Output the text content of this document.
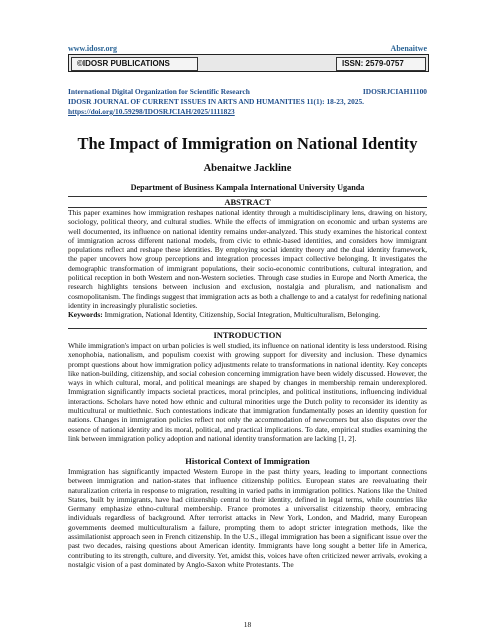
www.idosr.org	Abenaitwe
©IDOSR PUBLICATIONS	ISSN: 2579-0757
International Digital Organization for Scientific Research	IDOSRJCIAH11100
IDOSR JOURNAL OF CURRENT ISSUES IN ARTS AND HUMANITIES 11(1): 18-23, 2025.
https://doi.org/10.59298/IDOSRJCIAH/2025/1111823
The Impact of Immigration on National Identity
Abenaitwe Jackline
Department of Business Kampala International University Uganda
ABSTRACT

This paper examines how immigration reshapes national identity through a multidisciplinary lens, drawing on history, sociology, political theory, and cultural studies. While the effects of immigration on economic and urban systems are well documented, its influence on national identity remains under-analyzed. This study examines the historical context of immigration across different national models, from civic to ethnic-based identities, and considers how immigrant populations reflect and reshape these identities. By employing social identity theory and the dual identity framework, the paper uncovers how group perceptions and integration processes impact collective belonging. It investigates the demographic transformation of immigrant populations, their socio-economic contributions, cultural integration, and political reception in both Western and non-Western societies. Through case studies in Europe and North America, the research highlights tensions between inclusion and exclusion, nostalgia and pluralism, and nationalism and cosmopolitanism. The findings suggest that immigration acts as both a challenge to and a catalyst for redefining national identity in increasingly pluralistic societies.

Keywords: Immigration, National Identity, Citizenship, Social Integration, Multiculturalism, Belonging.

INTRODUCTION

While immigration's impact on urban policies is well studied, its influence on national identity is less understood. Rising xenophobia, nationalism, and populism coexist with growing support for diversity and inclusion. These dynamics prompt questions about how immigration policy adjustments relate to transformations in national identity. Key concepts like nation-building, citizenship, and social cohesion concerning immigration have been widely discussed. However, the ways in which cultural, moral, and political meanings are shaped by changes in membership remain underexplored. Immigration significantly impacts societal practices, moral principles, and political institutions, influencing individual interactions. Scholars have noted how ethnic and cultural minorities urge the Dutch polity to reconsider its identity as multicultural or multiethnic. Such contestations indicate that immigration fundamentally poses an identity question for nations. Changes in immigration policies reflect not only the accommodation of newcomers but also disputes over the essence of national identity and its moral, political, and practical implications. To date, empirical studies examining the link between immigration policy adoption and national identity transformation are lacking [1, 2].

Historical Context of Immigration

Immigration has significantly impacted Western Europe in the past thirty years, leading to important connections between immigration and nation-states that influence citizenship politics. European states are reevaluating their naturalization criteria in response to migration, resulting in varied paths in immigration politics. Nations like the United States, built by immigrants, have had citizenship central to their identity, defined in legal terms, while countries like Germany emphasize ethno-cultural membership. France promotes a universalist citizenship theory, embracing individuals regardless of background. After terrorist attacks in New York, London, and Madrid, many European governments deemed multiculturalism a failure, prompting them to adopt stricter integration methods, like the assimilationist approach seen in French citizenship. In the U.S., illegal immigration has been a significant issue over the past two decades, raising questions about American identity. Immigrants have long sought a better life in America, contributing to its strength, culture, and diversity. Yet, amidst this, voices have often criticized newer arrivals, evoking a nostalgic vision of a past dominated by Anglo-Saxon white Protestants. The

18
